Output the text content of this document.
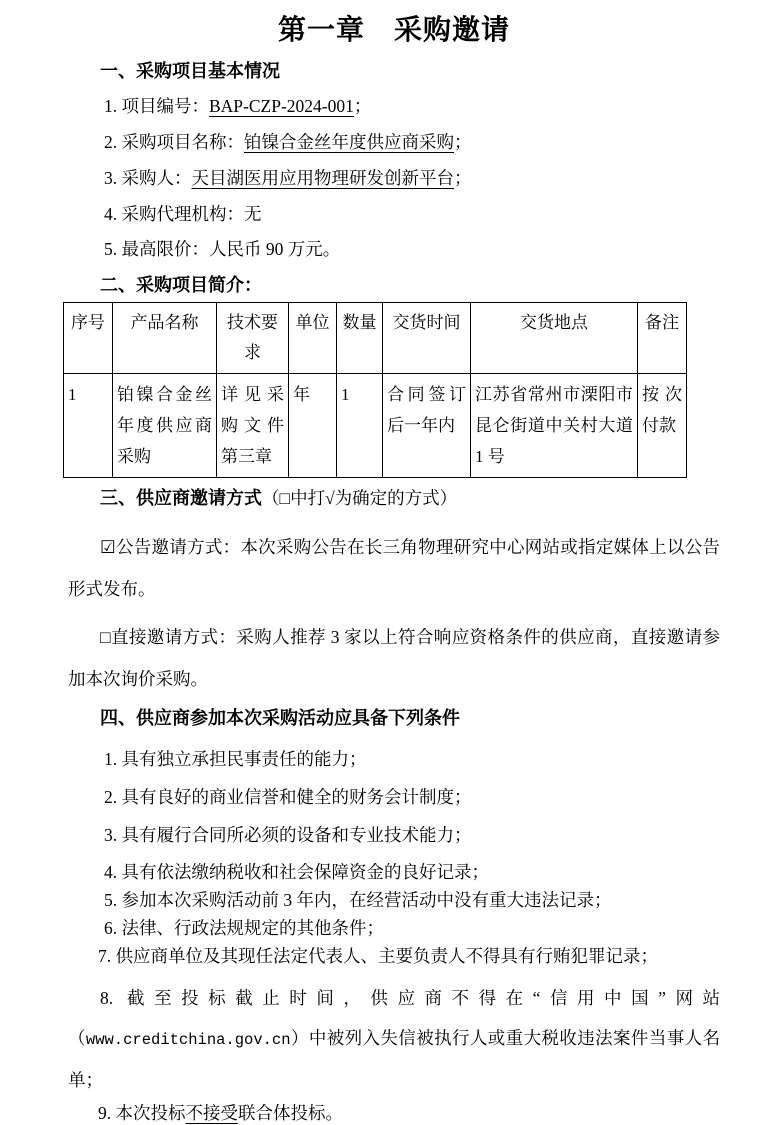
第一章　采购邀请
一、采购项目基本情况

1. 项目编号：BAP-CZP-2024-001；

2. 采购项目名称：铂镍合金丝年度供应商采购；

3. 采购人：天目湖医用应用物理研发创新平台；

4. 采购代理机构：无

5. 最高限价：人民币 90 万元。

二、采购项目简介：
序号	产品名称	技术要求	单位	数量	交货时间	交货地点	备注
1	铂镍合金丝年度供应商采购	详见采购文件第三章	年	1	合同签订后一年内	江苏省常州市溧阳市昆仑街道中关村大道 1 号	按次付款
三、供应商邀请方式（□中打√为确定的方式）

☑公告邀请方式：本次采购公告在长三角物理研究中心网站或指定媒体上以公告形式发布。

□直接邀请方式：采购人推荐 3 家以上符合响应资格条件的供应商，直接邀请参加本次询价采购。

四、供应商参加本次采购活动应具备下列条件

1. 具有独立承担民事责任的能力；

2. 具有良好的商业信誉和健全的财务会计制度；

3. 具有履行合同所必须的设备和专业技术能力；

4. 具有依法缴纳税收和社会保障资金的良好记录；

5. 参加本次采购活动前 3 年内，在经营活动中没有重大违法记录；

6. 法律、行政法规规定的其他条件；

7. 供应商单位及其现任法定代表人、主要负责人不得具有行贿犯罪记录；

8. 截至投标截止时间，供应商不得在“信用中国”网站（www.creditchina.gov.cn）中被列入失信被执行人或重大税收违法案件当事人名单；

9. 本次投标不接受联合体投标。
